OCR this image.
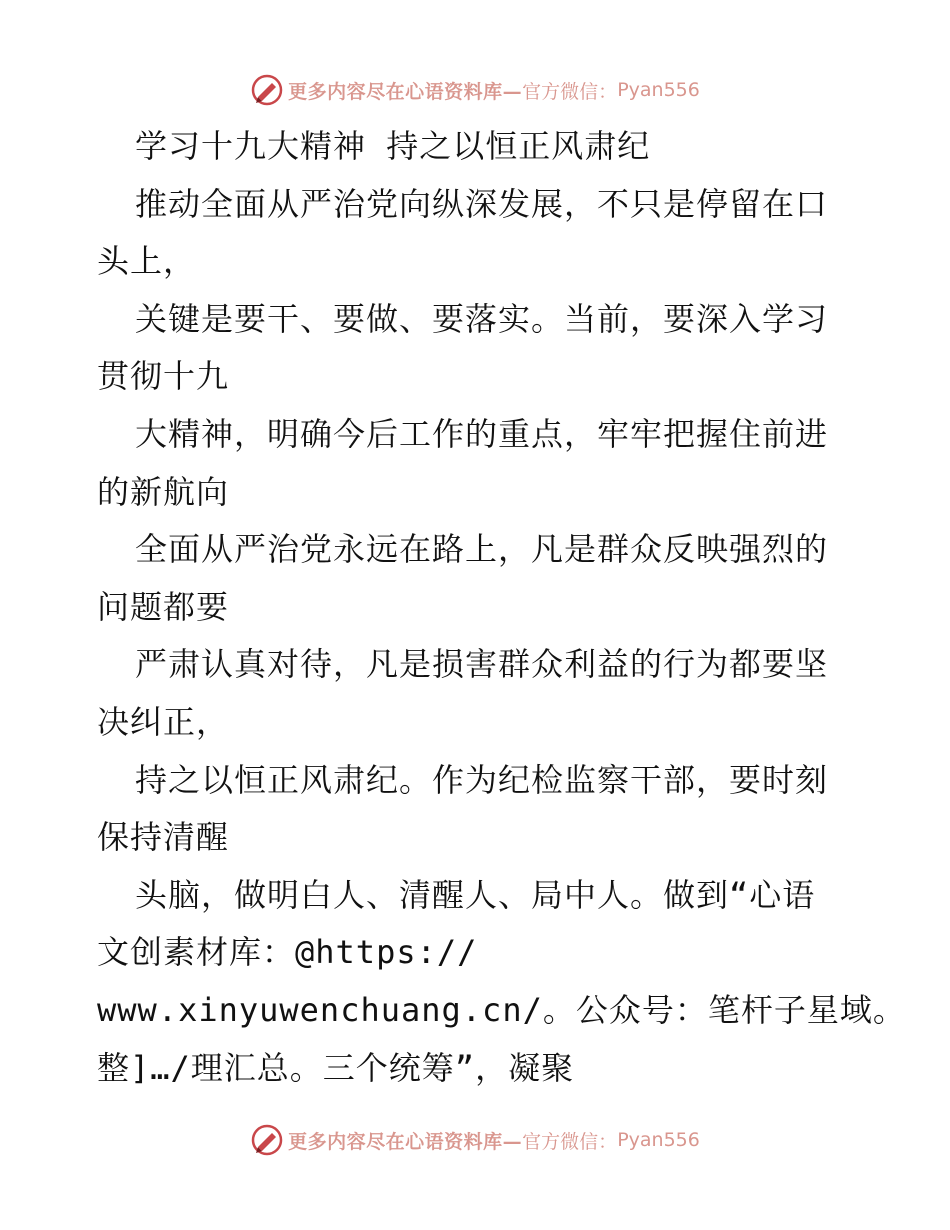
更多内容尽在心语资料库— 官方微信： Pyan556
学习十九大精神 持之以恒正风肃纪
推动全面从严治党向纵深发展，不只是停留在口
头上，
关键是要干、要做、要落实。当前，要深入学习
贯彻十九
大精神，明确今后工作的重点，牢牢把握住前进
的新航向
全面从严治党永远在路上，凡是群众反映强烈的
问题都要
严肃认真对待，凡是损害群众利益的行为都要坚
决纠正，
持之以恒正风肃纪。作为纪检监察干部，要时刻
保持清醒
头脑，做明白人、清醒人、局中人。做到“心语
文创素材库：@https://
www.xinyuwenchuang.cn/。公众号：笔杆子星域。
整]…/理汇总。三个统筹”，凝聚
更多内容尽在心语资料库— 官方微信： Pyan556
